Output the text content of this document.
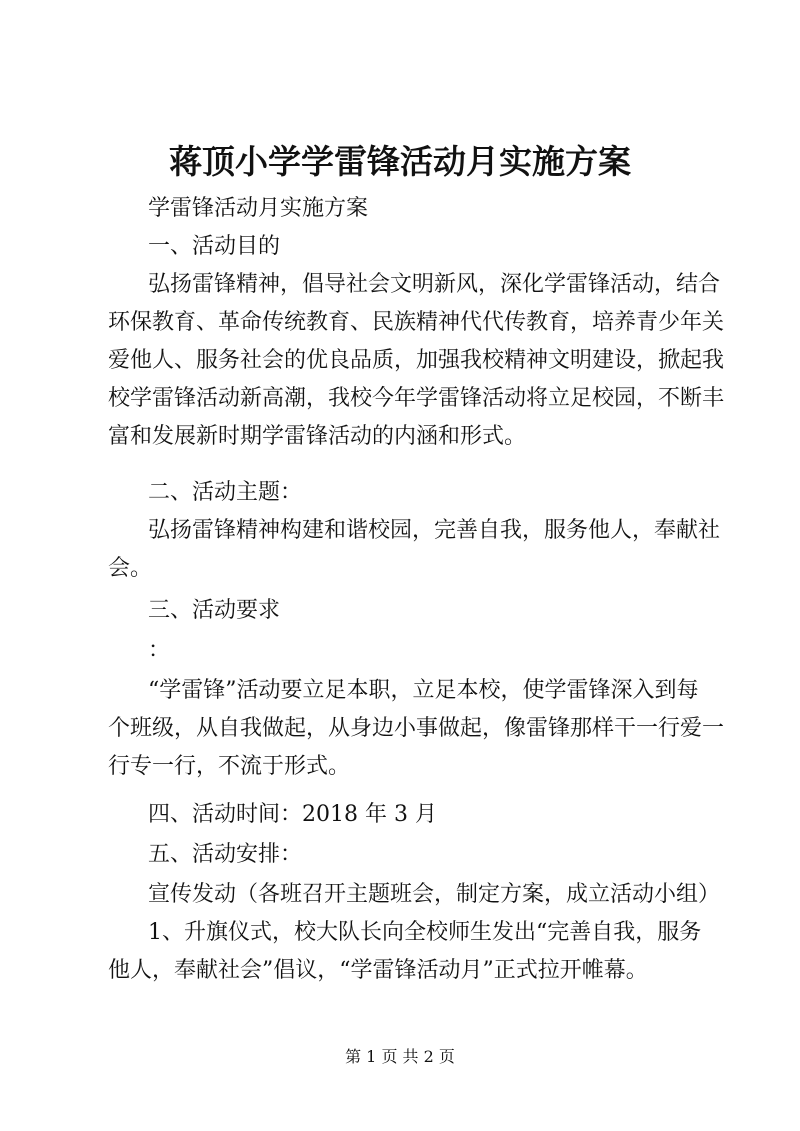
蒋顶小学学雷锋活动月实施方案
学雷锋活动月实施方案
一、活动目的
弘扬雷锋精神，倡导社会文明新风，深化学雷锋活动，结合
环保教育、革命传统教育、民族精神代代传教育，培养青少年关
爱他人、服务社会的优良品质，加强我校精神文明建设，掀起我
校学雷锋活动新高潮，我校今年学雷锋活动将立足校园，不断丰
富和发展新时期学雷锋活动的内涵和形式。
二、活动主题：
弘扬雷锋精神构建和谐校园，完善自我，服务他人，奉献社
会。
三、活动要求
：
“学雷锋”活动要立足本职，立足本校，使学雷锋深入到每
个班级，从自我做起，从身边小事做起，像雷锋那样干一行爱一
行专一行，不流于形式。
四、活动时间：2018 年 3 月
五、活动安排：
宣传发动（各班召开主题班会，制定方案，成立活动小组）
1、升旗仪式，校大队长向全校师生发出“完善自我，服务
他人，奉献社会”倡议，“学雷锋活动月”正式拉开帷幕。
第 1 页 共 2 页
